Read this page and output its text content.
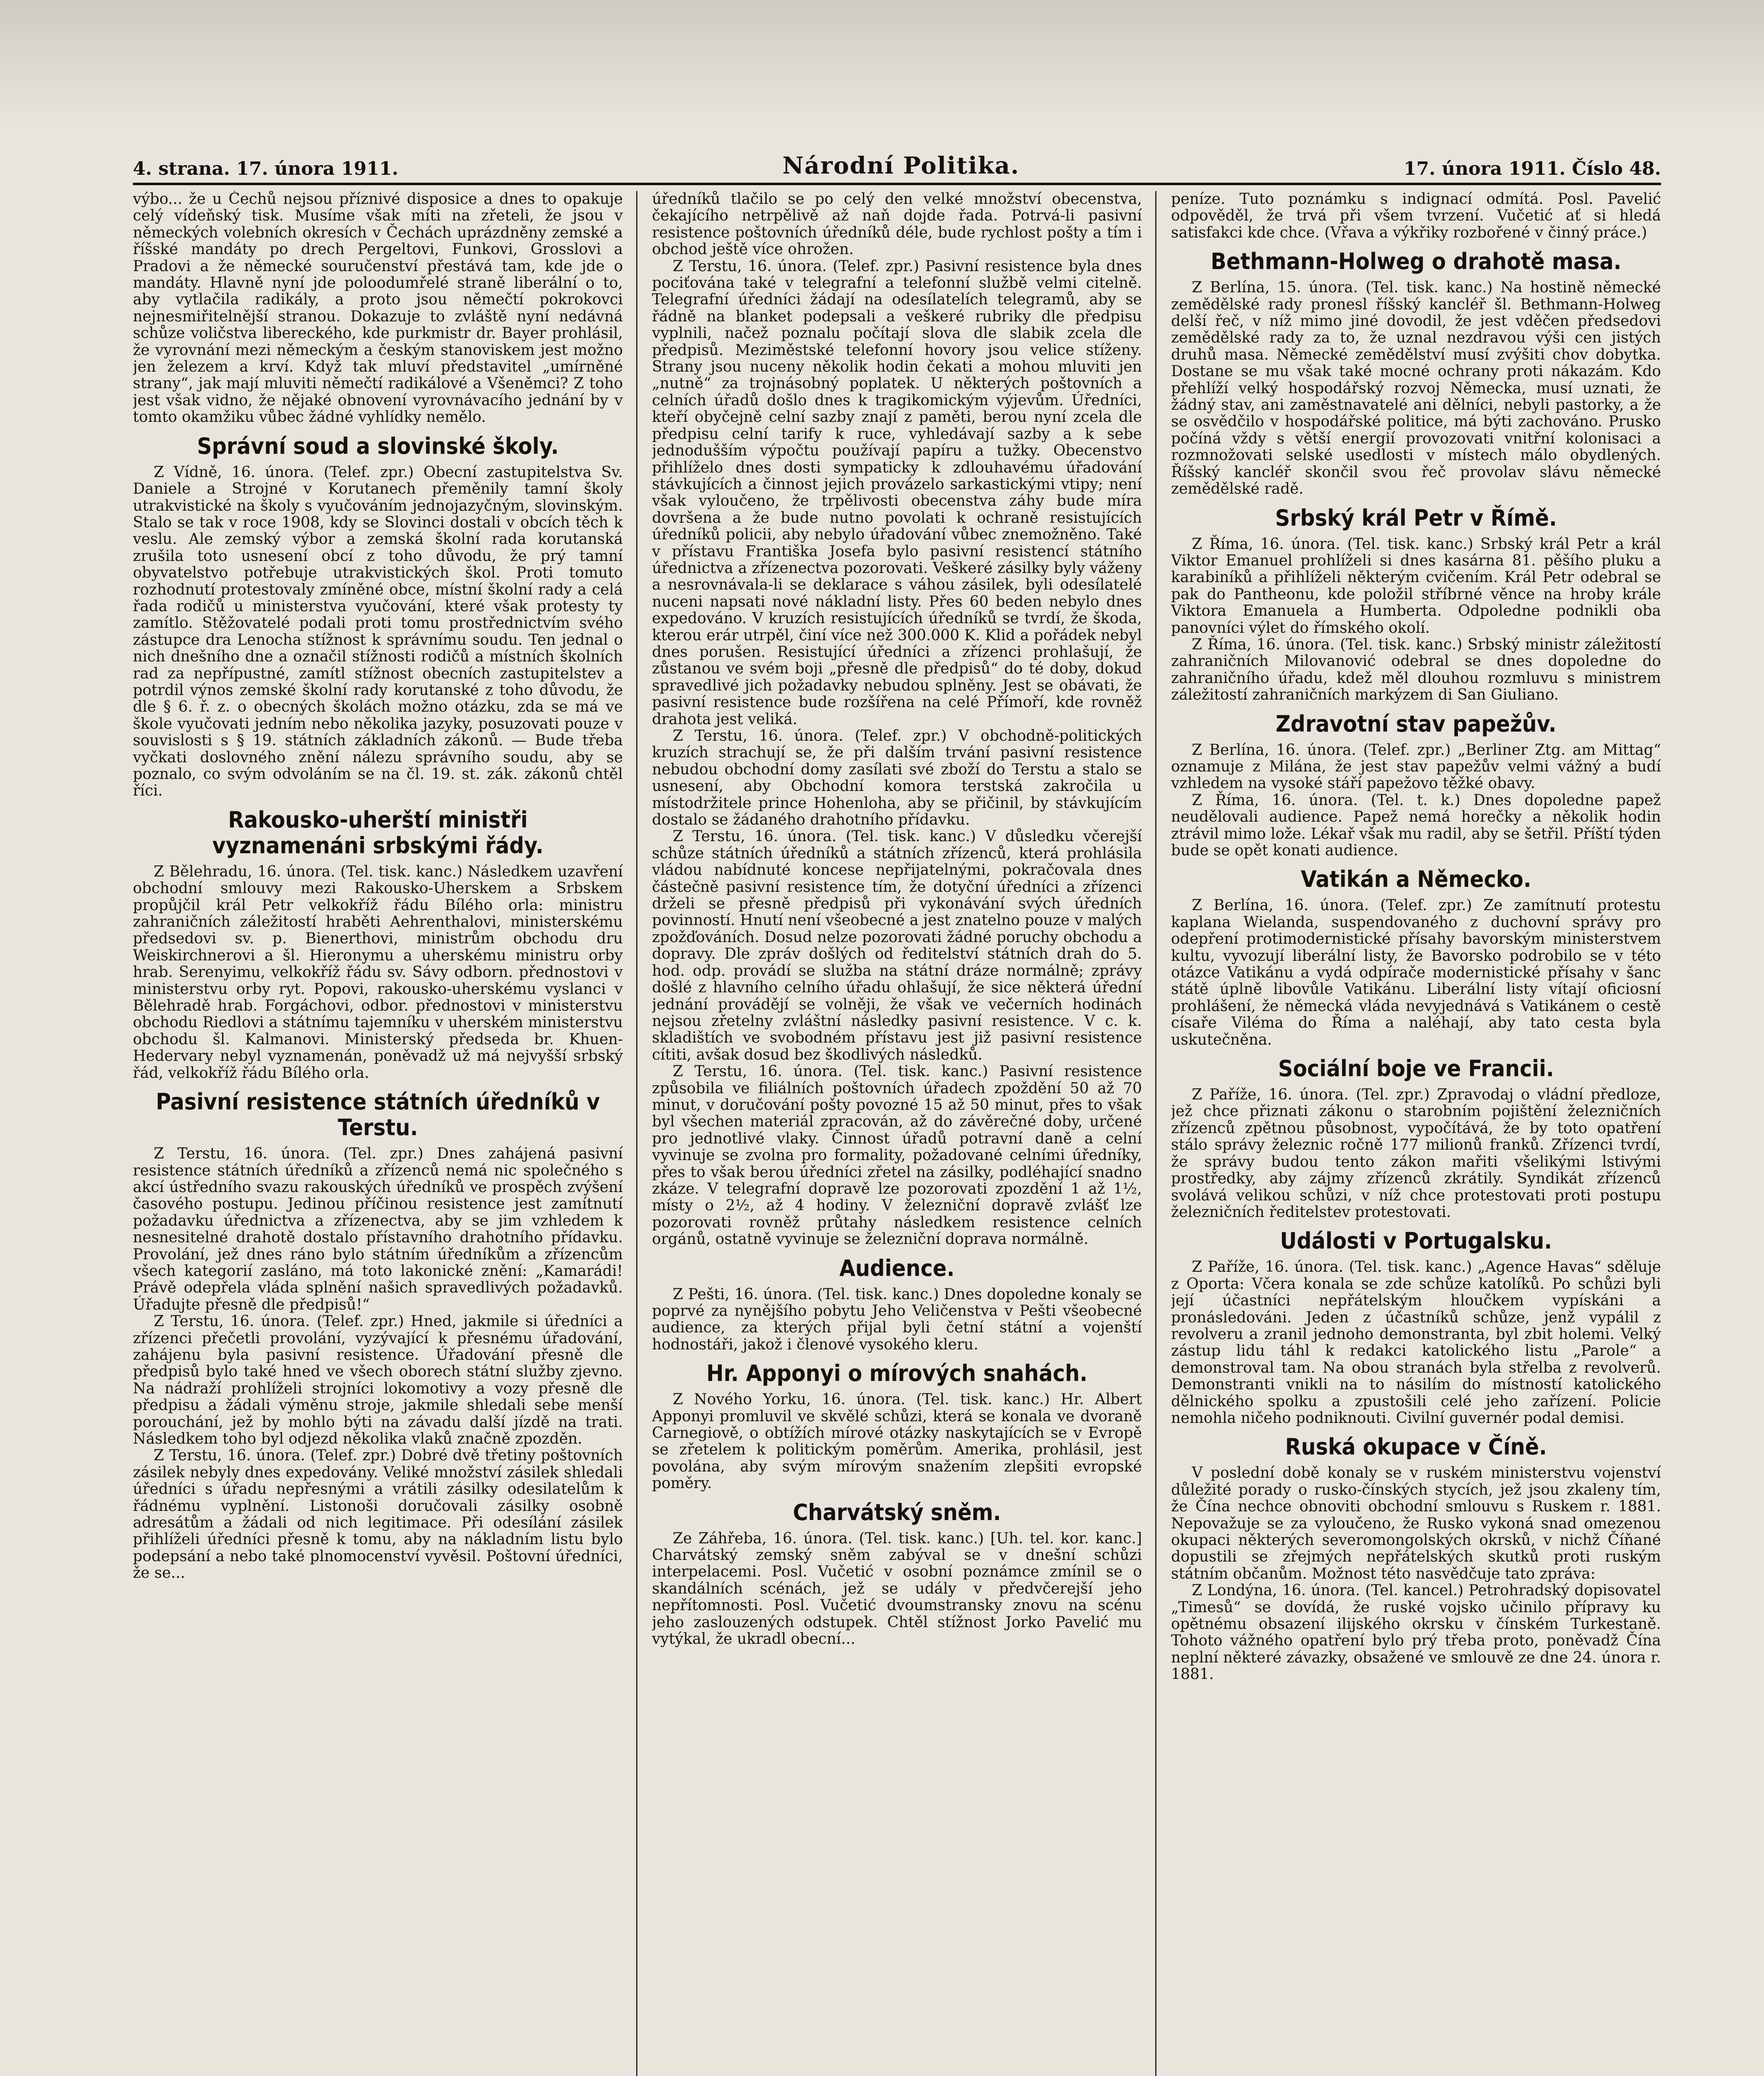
4. strana. 17. února 1911.	Národní Politika.	17. února 1911. Číslo 48.

výbo... že u Čechů nejsou příznivé disposice a dnes to opakuje celý vídeňský tisk. Musíme však míti na zřeteli, že jsou v německých volebních okresích v Čechách uprázdněny zemské a říšské mandáty po drech Pergeltovi, Funkovi, Grosslovi a Pradovi a že německé souručenství přestává tam, kde jde o mandáty. Hlavně nyní jde poloodumřelé straně liberální o to, aby vytlačila radikály, a proto jsou němečtí pokrokovci nejnesmiřitelnější stranou. Dokazuje to zvláště nyní nedávná schůze voličstva libereckého, kde purkmistr dr. Bayer prohlásil, že vyrovnání mezi německým a českým stanoviskem jest možno jen železem a krví. Když tak mluví představitel „umírněné strany“, jak mají mluviti němečtí radikálové a Všeněmci? Z toho jest však vidno, že nějaké obnovení vyrovnávacího jednání by v tomto okamžiku vůbec žádné vyhlídky nemělo.

Správní soud a slovinské školy.

Z Vídně, 16. února. (Telef. zpr.) Obecní zastupitelstva Sv. Daniele a Strojné v Korutanech přeměnily tamní školy utrakvistické na školy s vyučováním jednojazyčným, slovinským. Stalo se tak v roce 1908, kdy se Slovinci dostali v obcích těch k veslu. Ale zemský výbor a zemská školní rada korutanská zrušila toto usnesení obcí z toho důvodu, že prý tamní obyvatelstvo potřebuje utrakvistických škol. Proti tomuto rozhodnutí protestovaly zmíněné obce, místní školní rady a celá řada rodičů u ministerstva vyučování, které však protesty ty zamítlo. Stěžovatelé podali proti tomu prostřednictvím svého zástupce dra Lenocha stížnost k správnímu soudu. Ten jednal o nich dnešního dne a označil stížnosti rodičů a místních školních rad za nepřípustné, zamítl stížnost obecních zastupitelstev a potrdil výnos zemské školní rady korutanské z toho důvodu, že dle § 6. ř. z. o obecných školách možno otázku, zda se má ve škole vyučovati jedním nebo několika jazyky, posuzovati pouze v souvislosti s § 19. státních základních zákonů. — Bude třeba vyčkati doslovného znění nálezu správního soudu, aby se poznalo, co svým odvoláním se na čl. 19. st. zák. zákonů chtěl říci.

Rakousko-uherští ministři vyznamenáni srbskými řády.

Z Bělehradu, 16. února. (Tel. tisk. kanc.) Následkem uzavření obchodní smlouvy mezi Rakousko-Uherskem a Srbskem propůjčil král Petr velkokříž řádu Bílého orla: ministru zahraničních záležitostí hraběti Aehrenthalovi, ministerskému předsedovi sv. p. Bienerthovi, ministrům obchodu dru Weiskirchnerovi a šl. Hieronymu a uherskému ministru orby hrab. Serenyimu, velkokříž řádu sv. Sávy odborn. přednostovi v ministerstvu orby ryt. Popovi, rakousko-uherskému vyslanci v Bělehradě hrab. Forgáchovi, odbor. přednostovi v ministerstvu obchodu Riedlovi a státnímu tajemníku v uherském ministerstvu obchodu šl. Kalmanovi. Ministerský předseda br. Khuen-Hedervary nebyl vyznamenán, poněvadž už má nejvyšší srbský řád, velkokříž řádu Bílého orla.

Pasivní resistence státních úředníků v Terstu.

Z Terstu, 16. února. (Tel. zpr.) Dnes zahájená pasivní resistence státních úředníků a zřízenců nemá nic společného s akcí ústředního svazu rakouských úředníků ve prospěch zvýšení časového postupu. Jedinou příčinou resistence jest zamítnutí požadavku úřednictva a zřízenectva, aby se jim vzhledem k nesnesitelné drahotě dostalo přístavního drahotního přídavku. Provolání, jež dnes ráno bylo státním úředníkům a zřízencům všech kategorií zasláno, má toto lakonické znění: „Kamarádi! Právě odepřela vláda splnění našich spravedlivých požadavků. Úřadujte přesně dle předpisů!“

Z Terstu, 16. února. (Telef. zpr.) Hned, jakmile si úředníci a zřízenci přečetli provolání, vyzývající k přesnému úřadování, zahájenu byla pasivní resistence. Úřadování přesně dle předpisů bylo také hned ve všech oborech státní služby zjevno. Na nádraží prohlíželi strojníci lokomotivy a vozy přesně dle předpisu a žádali výměnu stroje, jakmile shledali sebe menší porouchání, jež by mohlo býti na závadu další jízdě na trati. Následkem toho byl odjezd několika vlaků značně zpozděn.

Z Terstu, 16. února. (Telef. zpr.) Dobré dvě třetiny poštovních zásilek nebyly dnes expedovány. Veliké množství zásilek shledali úředníci s úřadu nepřesnými a vrátili zásilky odesilatelům k řádnému vyplnění. Listonoši doručovali zásilky osobně adresátům a žádali od nich legitimace. Při odesílání zásilek přihlíželi úředníci přesně k tomu, aby na nákladním listu bylo podepsání a nebo také plnomocenství vyvěsil. Poštovní úředníci, že se...

úředníků tlačilo se po celý den velké množství obecenstva, čekajícího netrpělivě až naň dojde řada. Potrvá-li pasivní resistence poštovních úředníků déle, bude rychlost pošty a tím i obchod ještě více ohrožen.

Z Terstu, 16. února. (Telef. zpr.) Pasivní resistence byla dnes pociťována také v telegrafní a telefonní službě velmi citelně. Telegrafní úředníci žádají na odesílatelích telegramů, aby se řádně na blanket podepsali a veškeré rubriky dle předpisu vyplnili, načež poznalu počítají slova dle slabik zcela dle předpisů. Meziměstské telefonní hovory jsou velice stíženy. Strany jsou nuceny několik hodin čekati a mohou mluviti jen „nutně“ za trojnásobný poplatek. U některých poštovních a celních úřadů došlo dnes k tragikomickým výjevům. Úředníci, kteří obyčejně celní sazby znají z paměti, berou nyní zcela dle předpisu celní tarify k ruce, vyhledávají sazby a k sebe jednodušším výpočtu používají papíru a tužky. Obecenstvo přihlíželo dnes dosti sympaticky k zdlouhavému úřadování stávkujících a činnost jejich provázelo sarkastickými vtipy; není však vyloučeno, že trpělivosti obecenstva záhy bude míra dovršena a že bude nutno povolati k ochraně resistujících úředníků policii, aby nebylo úřadování vůbec znemožněno. Také v přístavu Františka Josefa bylo pasivní resistencí státního úřednictva a zřízenectva pozorovati. Veškeré zásilky byly váženy a nesrovnávala-li se deklarace s váhou zásilek, byli odesílatelé nuceni napsati nové nákladní listy. Přes 60 beden nebylo dnes expedováno. V kruzích resistujících úředníků se tvrdí, že škoda, kterou erár utrpěl, činí více než 300.000 K. Klid a pořádek nebyl dnes porušen. Resistující úředníci a zřízenci prohlašují, že zůstanou ve svém boji „přesně dle předpisů“ do té doby, dokud spravedlivé jich požadavky nebudou splněny. Jest se obávati, že pasivní resistence bude rozšířena na celé Přímoří, kde rovněž drahota jest veliká.

Z Terstu, 16. února. (Telef. zpr.) V obchodně-politických kruzích strachují se, že při dalším trvání pasivní resistence nebudou obchodní domy zasílati své zboží do Terstu a stalo se usnesení, aby Obchodní komora terstská zakročila u místodržitele prince Hohenloha, aby se přičinil, by stávkujícím dostalo se žádaného drahotního přídavku.

Z Terstu, 16. února. (Tel. tisk. kanc.) V důsledku včerejší schůze státních úředníků a státních zřízenců, která prohlásila vládou nabídnuté koncese nepřijatelnými, pokračovala dnes částečně pasivní resistence tím, že dotyční úředníci a zřízenci drželi se přesně předpisů při vykonávání svých úředních povinností. Hnutí není všeobecné a jest znatelno pouze v malých zpožďováních. Dosud nelze pozorovati žádné poruchy obchodu a dopravy. Dle zpráv došlých od ředitelství státních drah do 5. hod. odp. provádí se služba na státní dráze normálně; zprávy došlé z hlavního celního úřadu ohlašují, že sice některá úřední jednání provádějí se volněji, že však ve večerních hodinách nejsou zřetelny zvláštní následky pasivní resistence. V c. k. skladištích ve svobodném přístavu jest již pasivní resistence cítiti, avšak dosud bez škodlivých následků.

Z Terstu, 16. února. (Tel. tisk. kanc.) Pasivní resistence způsobila ve filiálních poštovních úřadech zpoždění 50 až 70 minut, v doručování pošty povozné 15 až 50 minut, přes to však byl všechen materiál zpracován, až do závěrečné doby, určené pro jednotlivé vlaky. Činnost úřadů potravní daně a celní vyvinuje se zvolna pro formality, požadované celními úředníky, přes to však berou úředníci zřetel na zásilky, podléhající snadno zkáze. V telegrafní dopravě lze pozorovati zpozdění 1 až 1½, místy o 2½, až 4 hodiny. V železniční dopravě zvlášť lze pozorovati rovněž průtahy následkem resistence celních orgánů, ostatně vyvinuje se železniční doprava normálně.

Audience.

Z Pešti, 16. února. (Tel. tisk. kanc.) Dnes dopoledne konaly se poprvé za nynějšího pobytu Jeho Veličenstva v Pešti všeobecné audience, za kterých přijal byli četní státní a vojenští hodnostáři, jakož i členové vysokého kleru.

Hr. Apponyi o mírových snahách.

Z Nového Yorku, 16. února. (Tel. tisk. kanc.) Hr. Albert Apponyi promluvil ve skvělé schůzi, která se konala ve dvoraně Carnegiově, o obtížích mírové otázky naskytajících se v Evropě se zřetelem k politickým poměrům. Amerika, prohlásil, jest povolána, aby svým mírovým snažením zlepšiti evropské poměry.

Charvátský sněm.

Ze Záhřeba, 16. února. (Tel. tisk. kanc.) [Uh. tel. kor. kanc.] Charvátský zemský sněm zabýval se v dnešní schůzi interpelacemi. Posl. Vučetić v osobní poznámce zmínil se o skandálních scénách, jež se udály v předvčerejší jeho nepřítomnosti. Posl. Vučetić dvoumstransky znovu na scénu jeho zaslouzených odstupek. Chtěl stížnost Jorko Pavelić mu vytýkal, že ukradl obecní...

peníze. Tuto poznámku s indignací odmítá. Posl. Pavelić odpověděl, že trvá při všem tvrzení. Vučetić ať si hledá satisfakci kde chce. (Vřava a výkřiky rozbořené v činný práce.)

Bethmann-Holweg o drahotě masa.

Z Berlína, 15. února. (Tel. tisk. kanc.) Na hostině německé zemědělské rady pronesl říšský kancléř šl. Bethmann-Holweg delší řeč, v níž mimo jiné dovodil, že jest vděčen předsedovi zemědělské rady za to, že uznal nezdravou výši cen jistých druhů masa. Německé zemědělství musí zvýšiti chov dobytka. Dostane se mu však také mocné ochrany proti nákazám. Kdo přehlíží velký hospodářský rozvoj Německa, musí uznati, že žádný stav, ani zaměstnavatelé ani dělníci, nebyli pastorky, a že se osvědčilo v hospodářské politice, má býti zachováno. Prusko počíná vždy s větší energií provozovati vnitřní kolonisaci a rozmnožovati selské usedlosti v místech málo obydlených. Říšský kancléř skončil svou řeč provolav slávu německé zemědělské radě.

Srbský král Petr v Římě.

Z Říma, 16. února. (Tel. tisk. kanc.) Srbský král Petr a král Viktor Emanuel prohlíželi si dnes kasárna 81. pěšího pluku a karabiníků a přihlíželi některým cvičením. Král Petr odebral se pak do Pantheonu, kde položil stříbrné věnce na hroby krále Viktora Emanuela a Humberta. Odpoledne podnikli oba panovníci výlet do římského okolí.

Z Říma, 16. února. (Tel. tisk. kanc.) Srbský ministr záležitostí zahraničních Milovanović odebral se dnes dopoledne do zahraničního úřadu, kdež měl dlouhou rozmluvu s ministrem záležitostí zahraničních markýzem di San Giuliano.

Zdravotní stav papežův.

Z Berlína, 16. února. (Telef. zpr.) „Berliner Ztg. am Mittag“ oznamuje z Milána, že jest stav papežův velmi vážný a budí vzhledem na vysoké stáří papežovo těžké obavy.

Z Říma, 16. února. (Tel. t. k.) Dnes dopoledne papež neudělovali audience. Papež nemá horečky a několik hodin ztrávil mimo lože. Lékař však mu radil, aby se šetřil. Příští týden bude se opět konati audience.

Vatikán a Německo.

Z Berlína, 16. února. (Telef. zpr.) Ze zamítnutí protestu kaplana Wielanda, suspendovaného z duchovní správy pro odepření protimodernistické přísahy bavorským ministerstvem kultu, vyvozují liberální listy, že Bavorsko podrobilo se v této otázce Vatikánu a vydá odpírače modernistické přísahy v šanc státě úplně libovůle Vatikánu. Liberální listy vítají oficiosní prohlášení, že německá vláda nevyjednává s Vatikánem o cestě císaře Viléma do Říma a naléhají, aby tato cesta byla uskutečněna.

Sociální boje ve Francii.

Z Paříže, 16. února. (Tel. zpr.) Zpravodaj o vládní předloze, jež chce přiznati zákonu o starobním pojištění železničních zřízenců zpětnou působnost, vypočítává, že by toto opatření stálo správy železnic ročně 177 milionů franků. Zřízenci tvrdí, že správy budou tento zákon mařiti všelikými lstivými prostředky, aby zájmy zřízenců zkrátily. Syndikát zřízenců svolává velikou schůzi, v níž chce protestovati proti postupu železničních ředitelstev protestovati.

Události v Portugalsku.

Z Paříže, 16. února. (Tel. tisk. kanc.) „Agence Havas“ sděluje z Oporta: Včera konala se zde schůze katolíků. Po schůzi byli její účastníci nepřátelským hloučkem vypískáni a pronásledováni. Jeden z účastníků schůze, jenž vypálil z revolveru a zranil jednoho demonstranta, byl zbit holemi. Velký zástup lidu táhl k redakci katolického listu „Parole“ a demonstroval tam. Na obou stranách byla střelba z revolverů. Demonstranti vnikli na to násilím do místností katolického dělnického spolku a zpustošili celé jeho zařízení. Policie nemohla ničeho podniknouti. Civilní guvernér podal demisi.

Ruská okupace v Číně.

V poslední době konaly se v ruském ministerstvu vojenství důležité porady o rusko-čínských stycích, jež jsou zkaleny tím, že Čína nechce obnoviti obchodní smlouvu s Ruskem r. 1881. Nepovažuje se za vyloučeno, že Rusko vykoná snad omezenou okupaci některých severomongolských okrsků, v nichž Číňané dopustili se zřejmých nepřátelských skutků proti ruským státním občanům. Možnost této nasvědčuje tato zpráva:

Z Londýna, 16. února. (Tel. kancel.) Petrohradský dopisovatel „Timesů“ se dovídá, že ruské vojsko učinilo přípravy ku opětnému obsazení ilijského okrsku v čínském Turkestaně. Tohoto vážného opatření bylo prý třeba proto, poněvadž Čína neplní některé závazky, obsažené ve smlouvě ze dne 24. února r. 1881.
